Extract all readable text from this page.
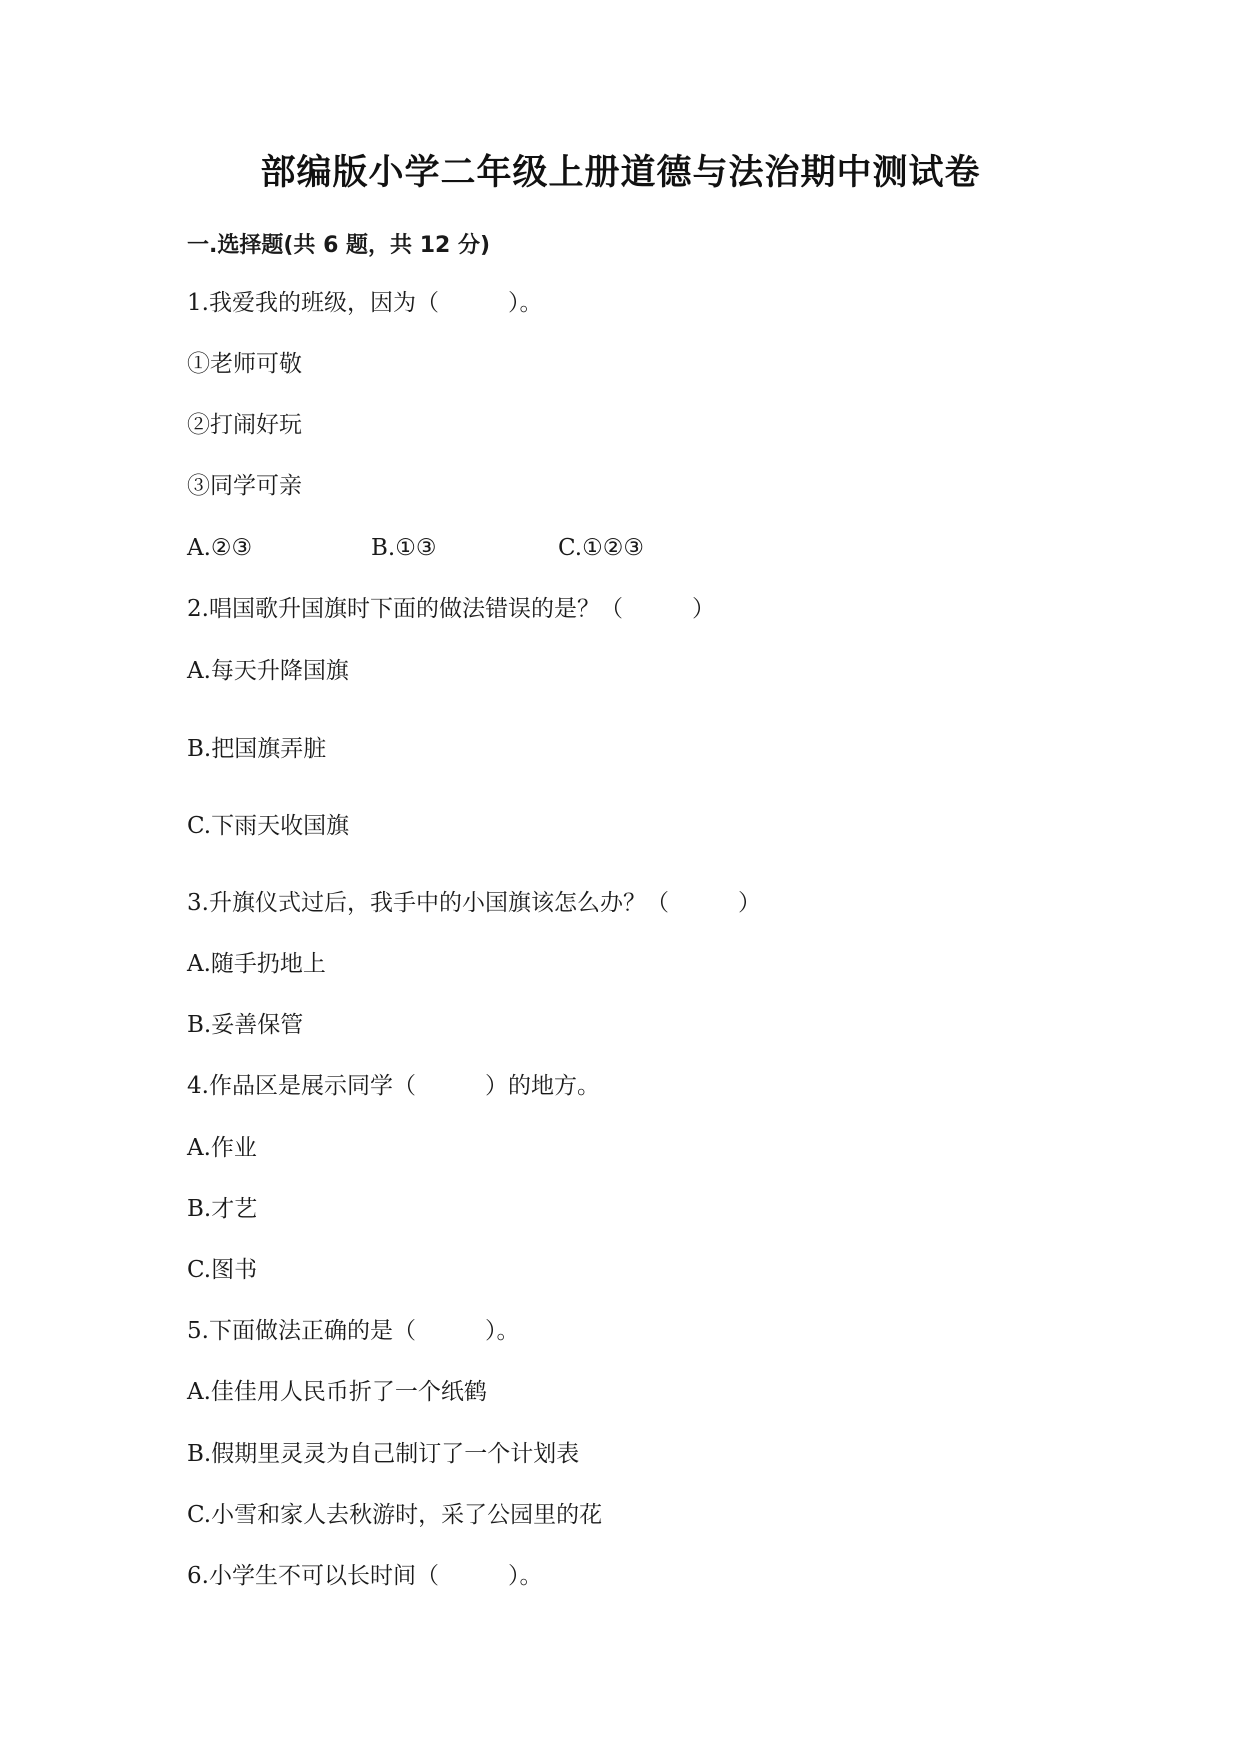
部编版小学二年级上册道德与法治期中测试卷
一.选择题(共 6 题，共 12 分)
1.我爱我的班级，因为（　　　）。
①老师可敬
②打闹好玩
③同学可亲

A.②③

	B.①③

	C.①②③

2.唱国歌升国旗时下面的做法错误的是？（　　　）
A.每天升降国旗
B.把国旗弄脏
C.下雨天收国旗
3.升旗仪式过后，我手中的小国旗该怎么办？（　　　）
A.随手扔地上
B.妥善保管
4.作品区是展示同学（　　　）的地方。
A.作业
B.才艺
C.图书
5.下面做法正确的是（　　　）。
A.佳佳用人民币折了一个纸鹤
B.假期里灵灵为自己制订了一个计划表
C.小雪和家人去秋游时，采了公园里的花
6.小学生不可以长时间（　　　）。
